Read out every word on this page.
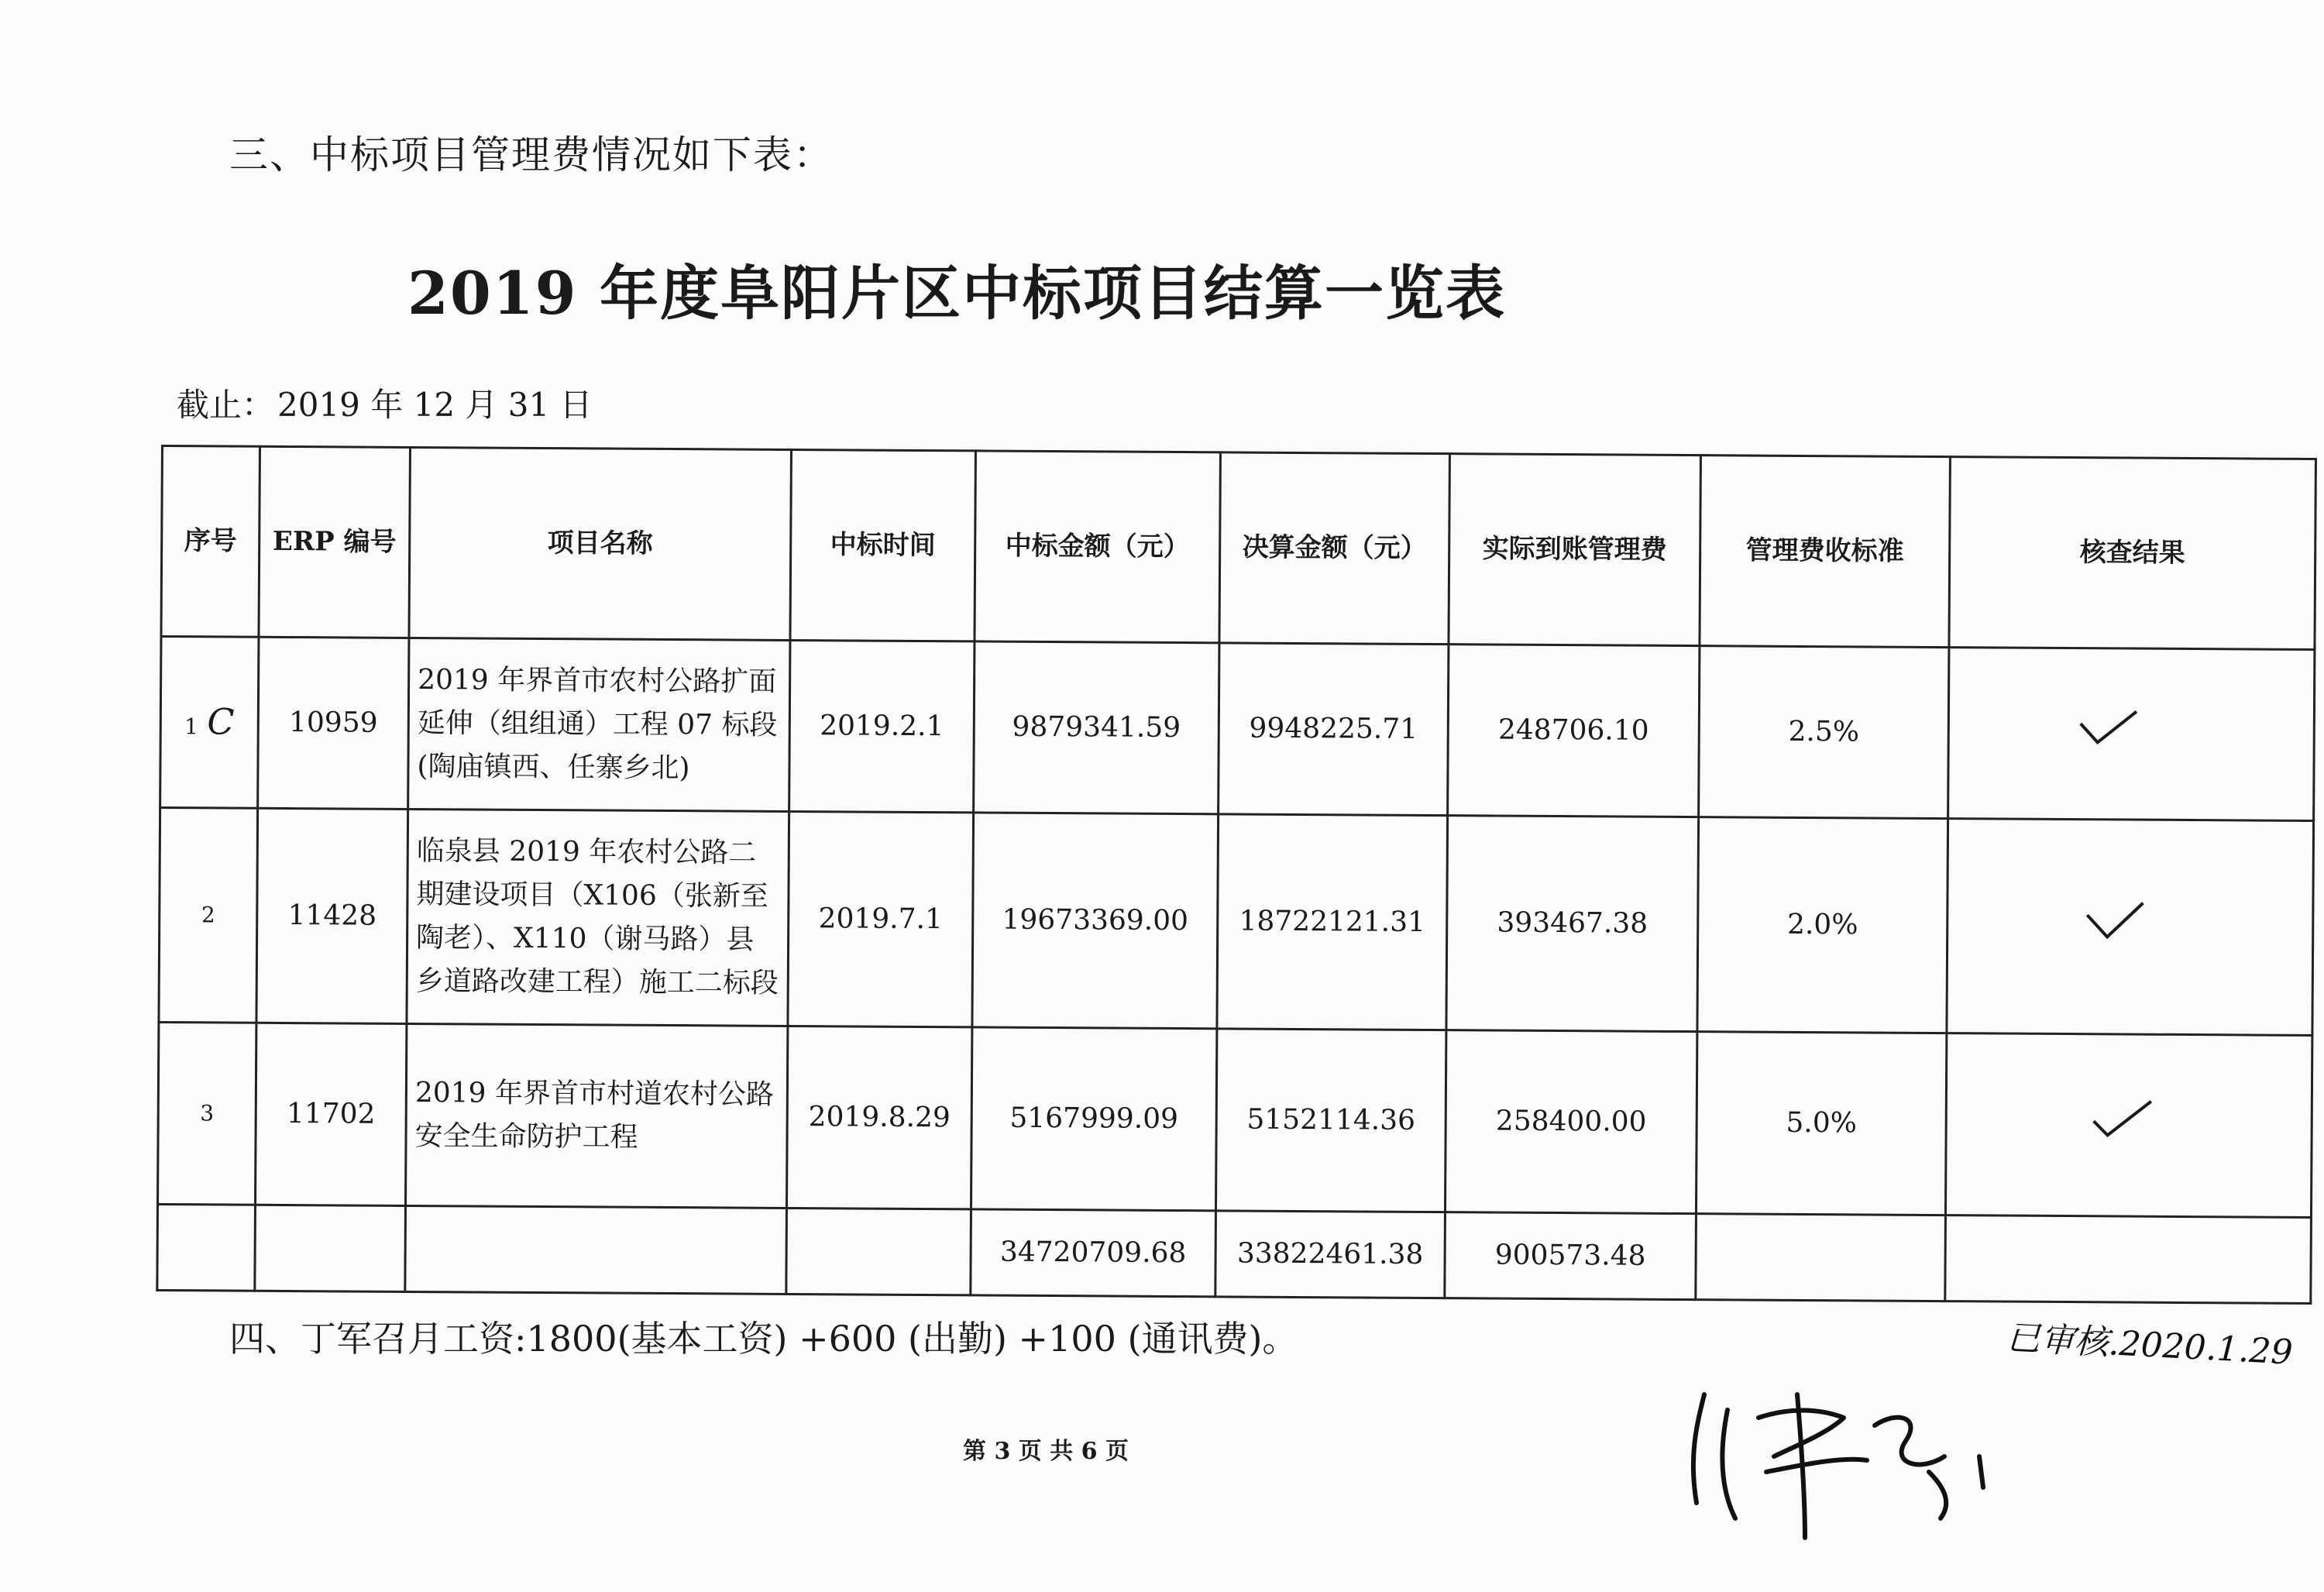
三、中标项目管理费情况如下表：
2019 年度阜阳片区中标项目结算一览表
截止：2019 年 12 月 31 日
序号	ERP 编号	项目名称	中标时间	中标金额（元）	决算金额（元）	实际到账管理费	管理费收标准	核查结果
1 C	10959	2019 年界首市农村公路扩面延伸（组组通）工程 07 标段(陶庙镇西、任寨乡北)	2019.2.1	9879341.59	9948225.71	248706.10	2.5%	
2	11428	临泉县 2019 年农村公路二期建设项目（X106（张新至陶老）、X110（谢马路）县乡道路改建工程）施工二标段	2019.7.1	19673369.00	18722121.31	393467.38	2.0%	
3	11702	2019 年界首市村道农村公路安全生命防护工程	2019.8.29	5167999.09	5152114.36	258400.00	5.0%	
				34720709.68	33822461.38	900573.48		
四、丁军召月工资:1800(基本工资) +600 (出勤) +100 (通讯费)。	已审核.2020.1.29
第 3 页 共 6 页
